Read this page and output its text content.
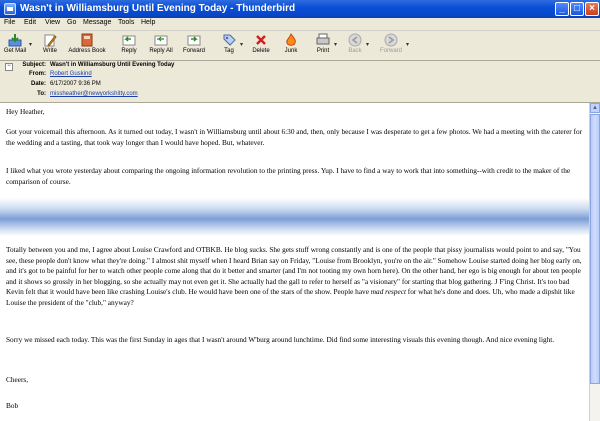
Wasn't in Williamsburg Until Evening Today - Thunderbird	_ □ ×
File Edit View Go Message Tools Help
Get Mail
▾
Write	Address Book	Reply	Reply All	Forward	Tag
▾
Delete	Junk	Print
▾
Back
▾
Forward
▾
−	Subject: Wasn't in Williamsburg Until Evening Today
From: Robert Guskind
Date: 6/17/2007 9:36 PM
To: missheather@newyorkshitty.com

Hey Heather,

Got your voicemail this afternoon. As it turned out today, I wasn't in Williamsburg until about 6:30 and, then, only because I was desperate to get a few photos. We had a meeting with the caterer for the wedding and a tasting, that took way longer than I would have hoped. But, whatever.

I liked what you wrote yesterday about comparing the ongoing information revolution to the printing press. Yup. I have to find a way to work that into something--with credit to the maker of the comparison of course.

Totally between you and me, I agree about Louise Crawford and OTBKB. He blog sucks. She gets stuff wrong constantly and is one of the people that pissy journalists would point to and say, "You see, these people don't know what they're doing." I almost shit myself when I heard Brian say on Friday, "Louise from Brooklyn, you're on the air." Somehow Louise started doing her blog early on, and it's got to be painful for her to watch other people come along that do it better and smarter (and I'm not tooting my own horn here). On the other hand, her ego is big enough for about ten people and it shows so grossly in her blogging, so she actually may not even get it. She actually had the gall to refer to herself as "a visionary" for starting that blog gathering. J F'ing Christ. It's too bad Kevin felt that it would have been like crashing Louise's club. He would have been one of the stars of the show. People have mad respect for what he's done and does. Uh, who made a dipshit like Louise the president of the "club," anyway?

Sorry we missed each today. This was the first Sunday in ages that I wasn't around W'burg around lunchtime. Did find some interesting visuals this evening though. And nice evening light.

Cheers,

Bob

▲
